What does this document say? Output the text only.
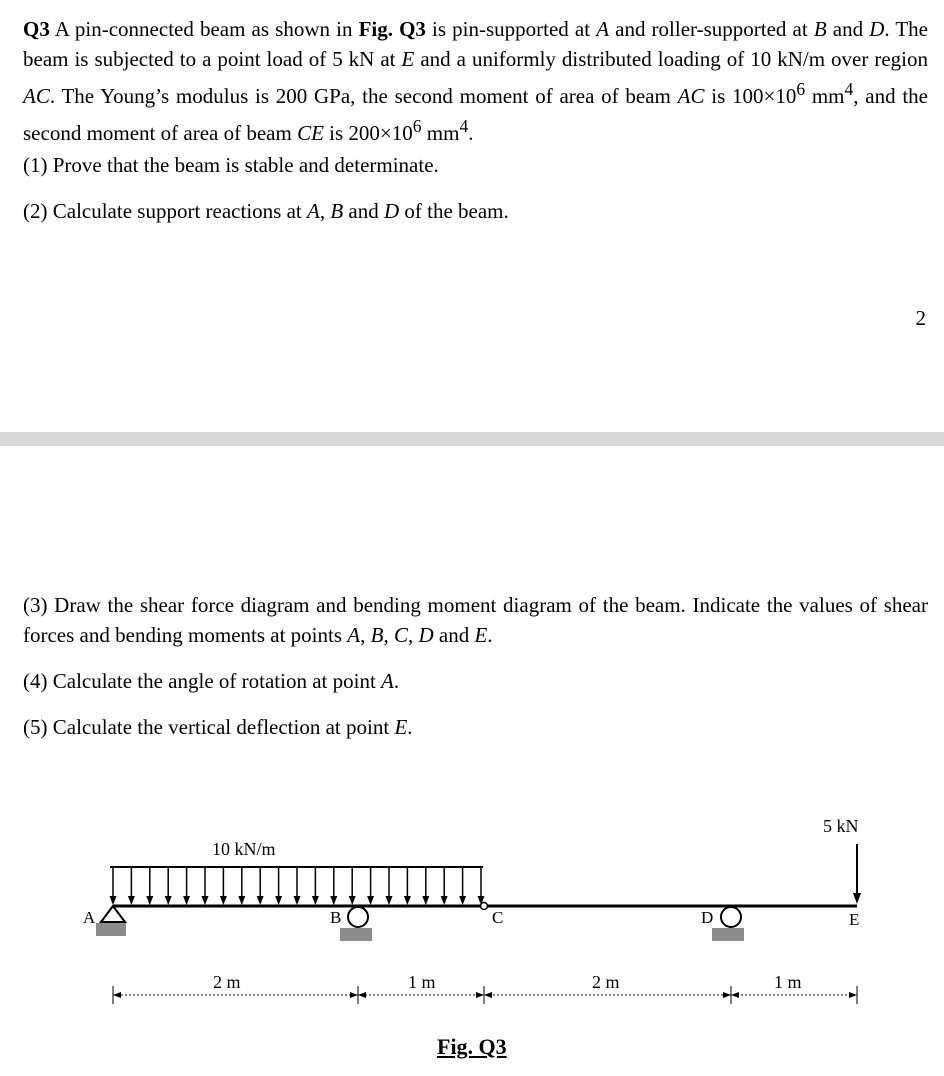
Q3 A pin-connected beam as shown in Fig. Q3 is pin-supported at A and roller-supported at B and D. The beam is subjected to a point load of 5 kN at E and a uniformly distributed loading of 10 kN/m over region AC. The Young’s modulus is 200 GPa, the second moment of area of beam AC is $100\times 10^6$ $mm^4$, and the second moment of area of beam CE is $200\times 10^6$ $mm^4$.

(1) Prove that the beam is stable and determinate.

(2) Calculate support reactions at A, B and D of the beam.

2

(3) Draw the shear force diagram and bending moment diagram of the beam. Indicate the values of shear forces and bending moments at points A, B, C, D and E.

(4) Calculate the angle of rotation at point A.

(5) Calculate the vertical deflection at point E.

10 kN/m
A	B	C	D
5 kN
E
2 m	1 m	2 m	1 m
Fig. Q3
